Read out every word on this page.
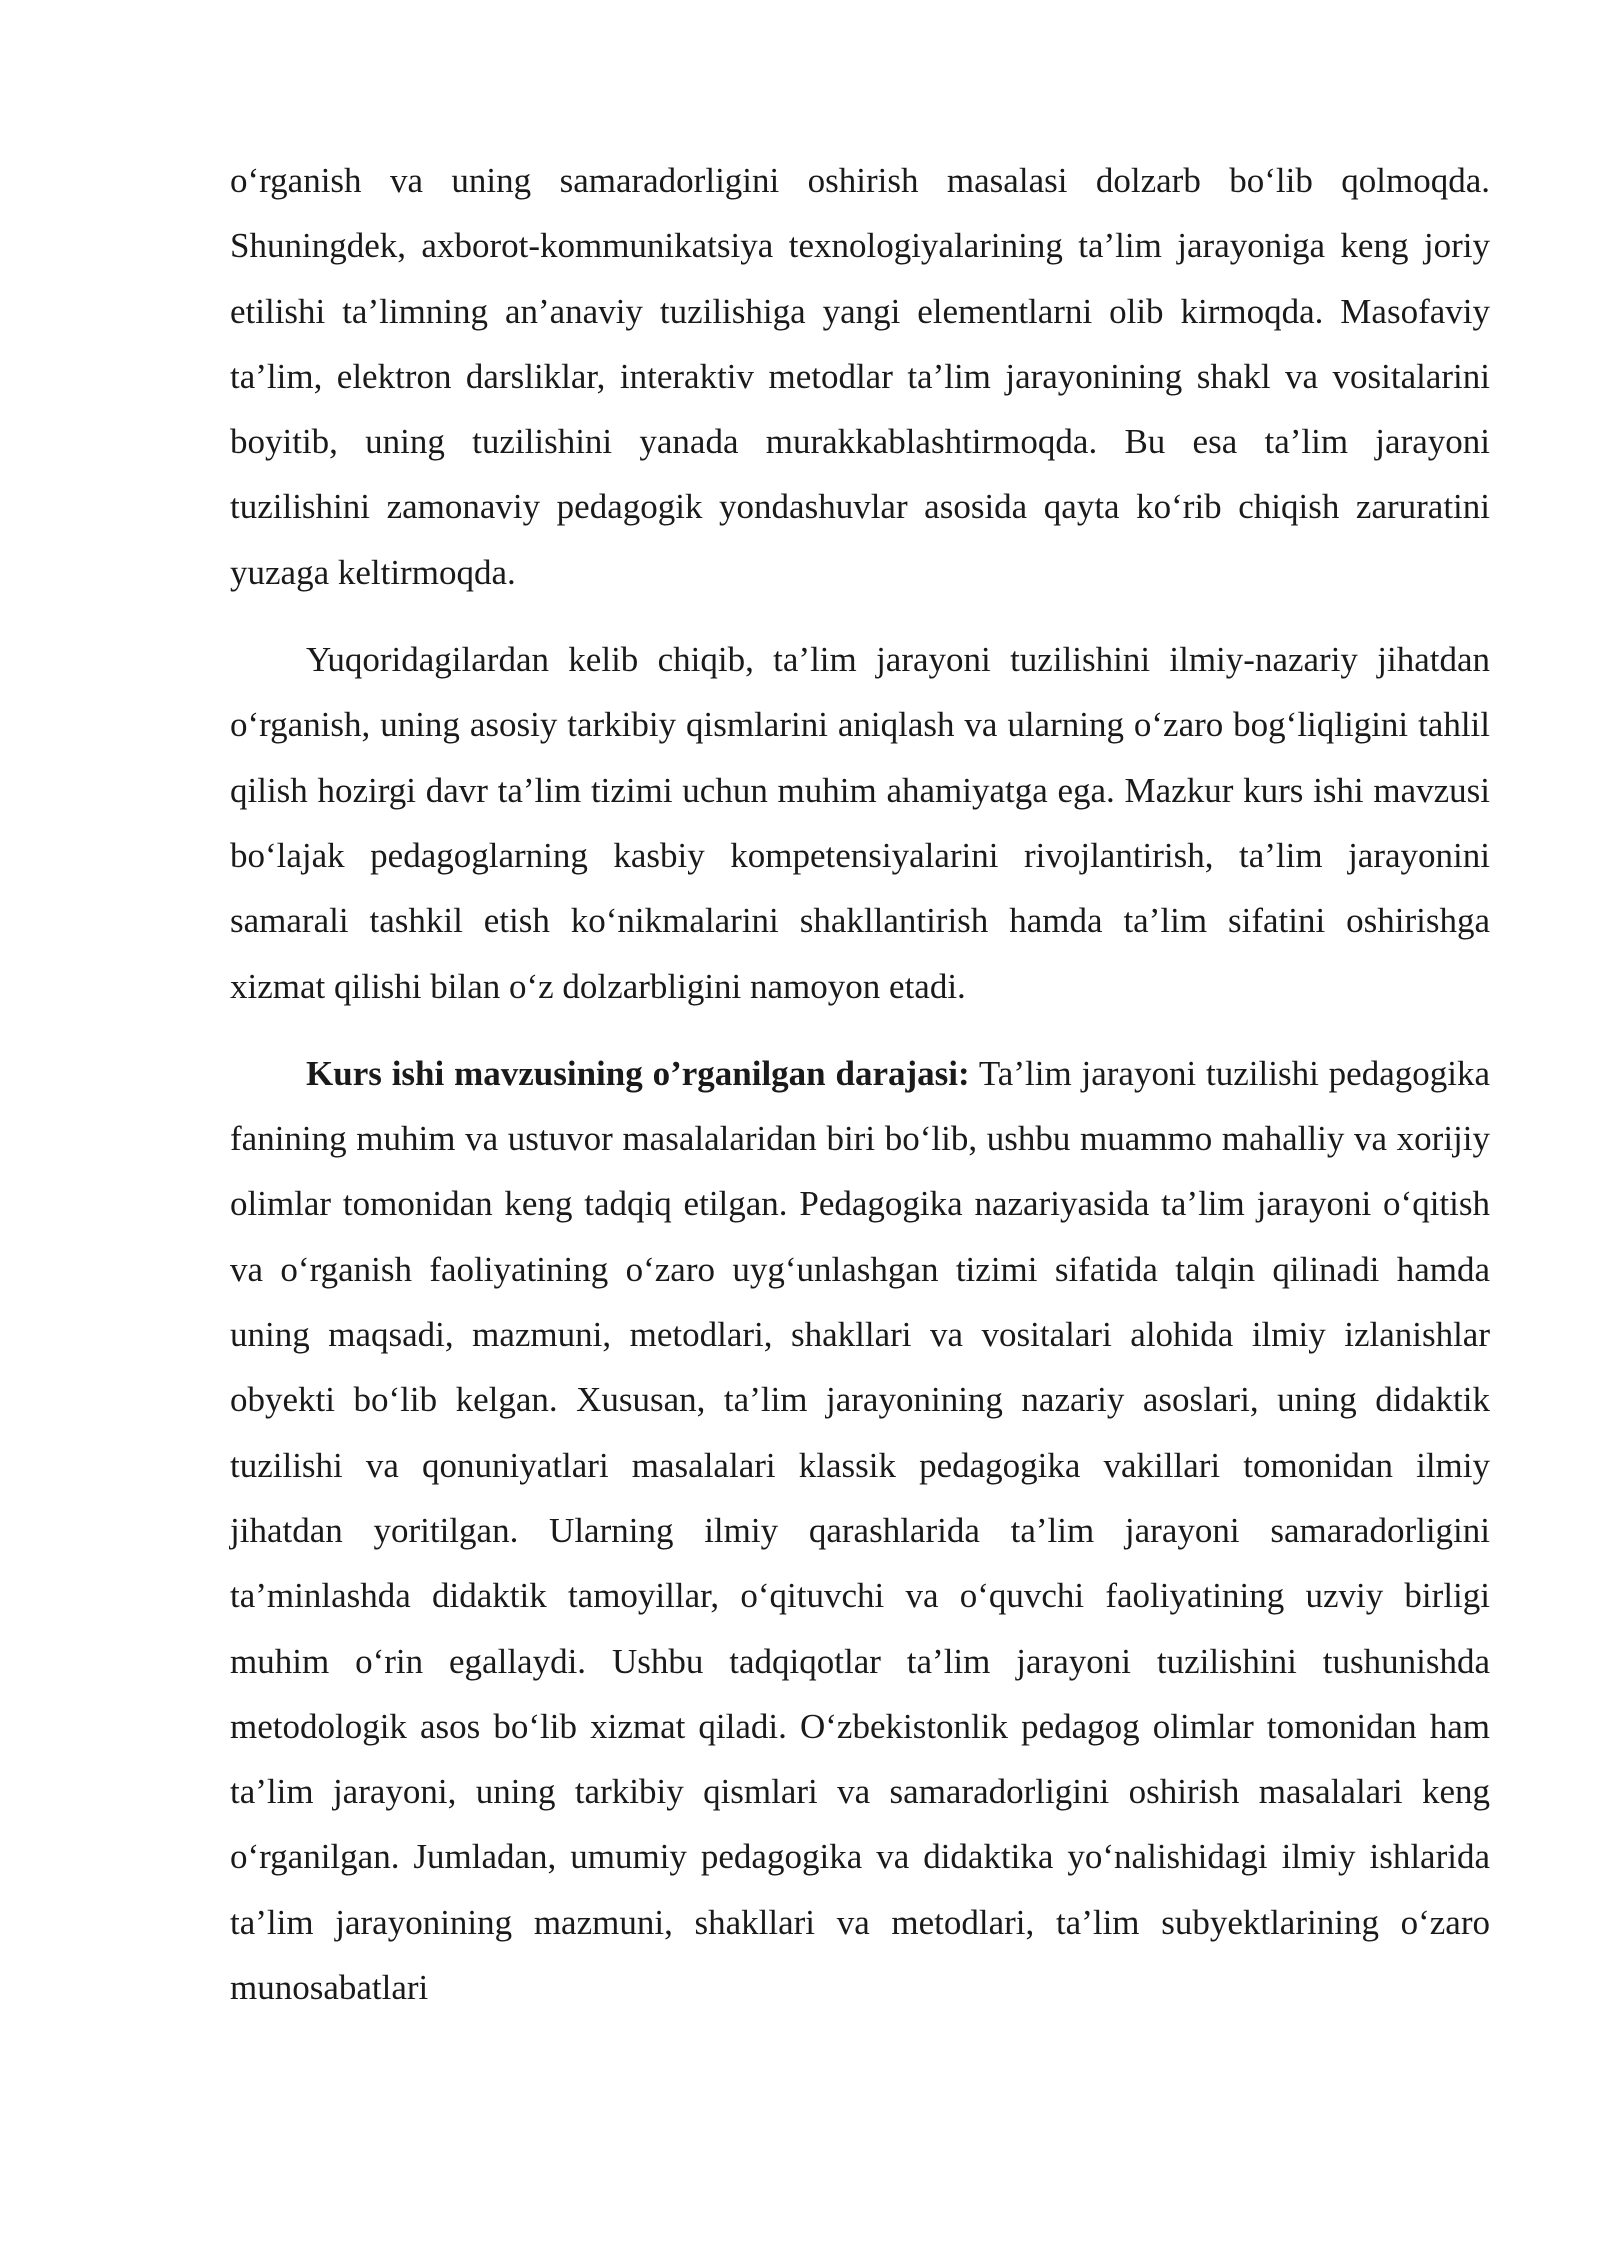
o‘rganish va uning samaradorligini oshirish masalasi dolzarb bo‘lib qolmoqda. Shuningdek, axborot-kommunikatsiya texnologiyalarining ta’lim jarayoniga keng joriy etilishi ta’limning an’anaviy tuzilishiga yangi elementlarni olib kirmoqda. Masofaviy ta’lim, elektron darsliklar, interaktiv metodlar ta’lim jarayonining shakl va vositalarini boyitib, uning tuzilishini yanada murakkablashtirmoqda. Bu esa ta’lim jarayoni tuzilishini zamonaviy pedagogik yondashuvlar asosida qayta ko‘rib chiqish zaruratini yuzaga keltirmoqda.

Yuqoridagilardan kelib chiqib, ta’lim jarayoni tuzilishini ilmiy-nazariy jihatdan o‘rganish, uning asosiy tarkibiy qismlarini aniqlash va ularning o‘zaro bog‘liqligini tahlil qilish hozirgi davr ta’lim tizimi uchun muhim ahamiyatga ega. Mazkur kurs ishi mavzusi bo‘lajak pedagoglarning kasbiy kompetensiyalarini rivojlantirish, ta’lim jarayonini samarali tashkil etish ko‘nikmalarini shakllantirish hamda ta’lim sifatini oshirishga xizmat qilishi bilan o‘z dolzarbligini namoyon etadi.

Kurs ishi mavzusining o’rganilgan darajasi: Ta’lim jarayoni tuzilishi pedagogika fanining muhim va ustuvor masalalaridan biri bo‘lib, ushbu muammo mahalliy va xorijiy olimlar tomonidan keng tadqiq etilgan. Pedagogika nazariyasida ta’lim jarayoni o‘qitish va o‘rganish faoliyatining o‘zaro uyg‘unlashgan tizimi sifatida talqin qilinadi hamda uning maqsadi, mazmuni, metodlari, shakllari va vositalari alohida ilmiy izlanishlar obyekti bo‘lib kelgan. Xususan, ta’lim jarayonining nazariy asoslari, uning didaktik tuzilishi va qonuniyatlari masalalari klassik pedagogika vakillari tomonidan ilmiy jihatdan yoritilgan. Ularning ilmiy qarashlarida ta’lim jarayoni samaradorligini ta’minlashda didaktik tamoyillar, o‘qituvchi va o‘quvchi faoliyatining uzviy birligi muhim o‘rin egallaydi. Ushbu tadqiqotlar ta’lim jarayoni tuzilishini tushunishda metodologik asos bo‘lib xizmat qiladi. O‘zbekistonlik pedagog olimlar tomonidan ham ta’lim jarayoni, uning tarkibiy qismlari va samaradorligini oshirish masalalari keng o‘rganilgan. Jumladan, umumiy pedagogika va didaktika yo‘nalishidagi ilmiy ishlarida ta’lim jarayonining mazmuni, shakllari va metodlari, ta’lim subyektlarining o‘zaro munosabatlari
